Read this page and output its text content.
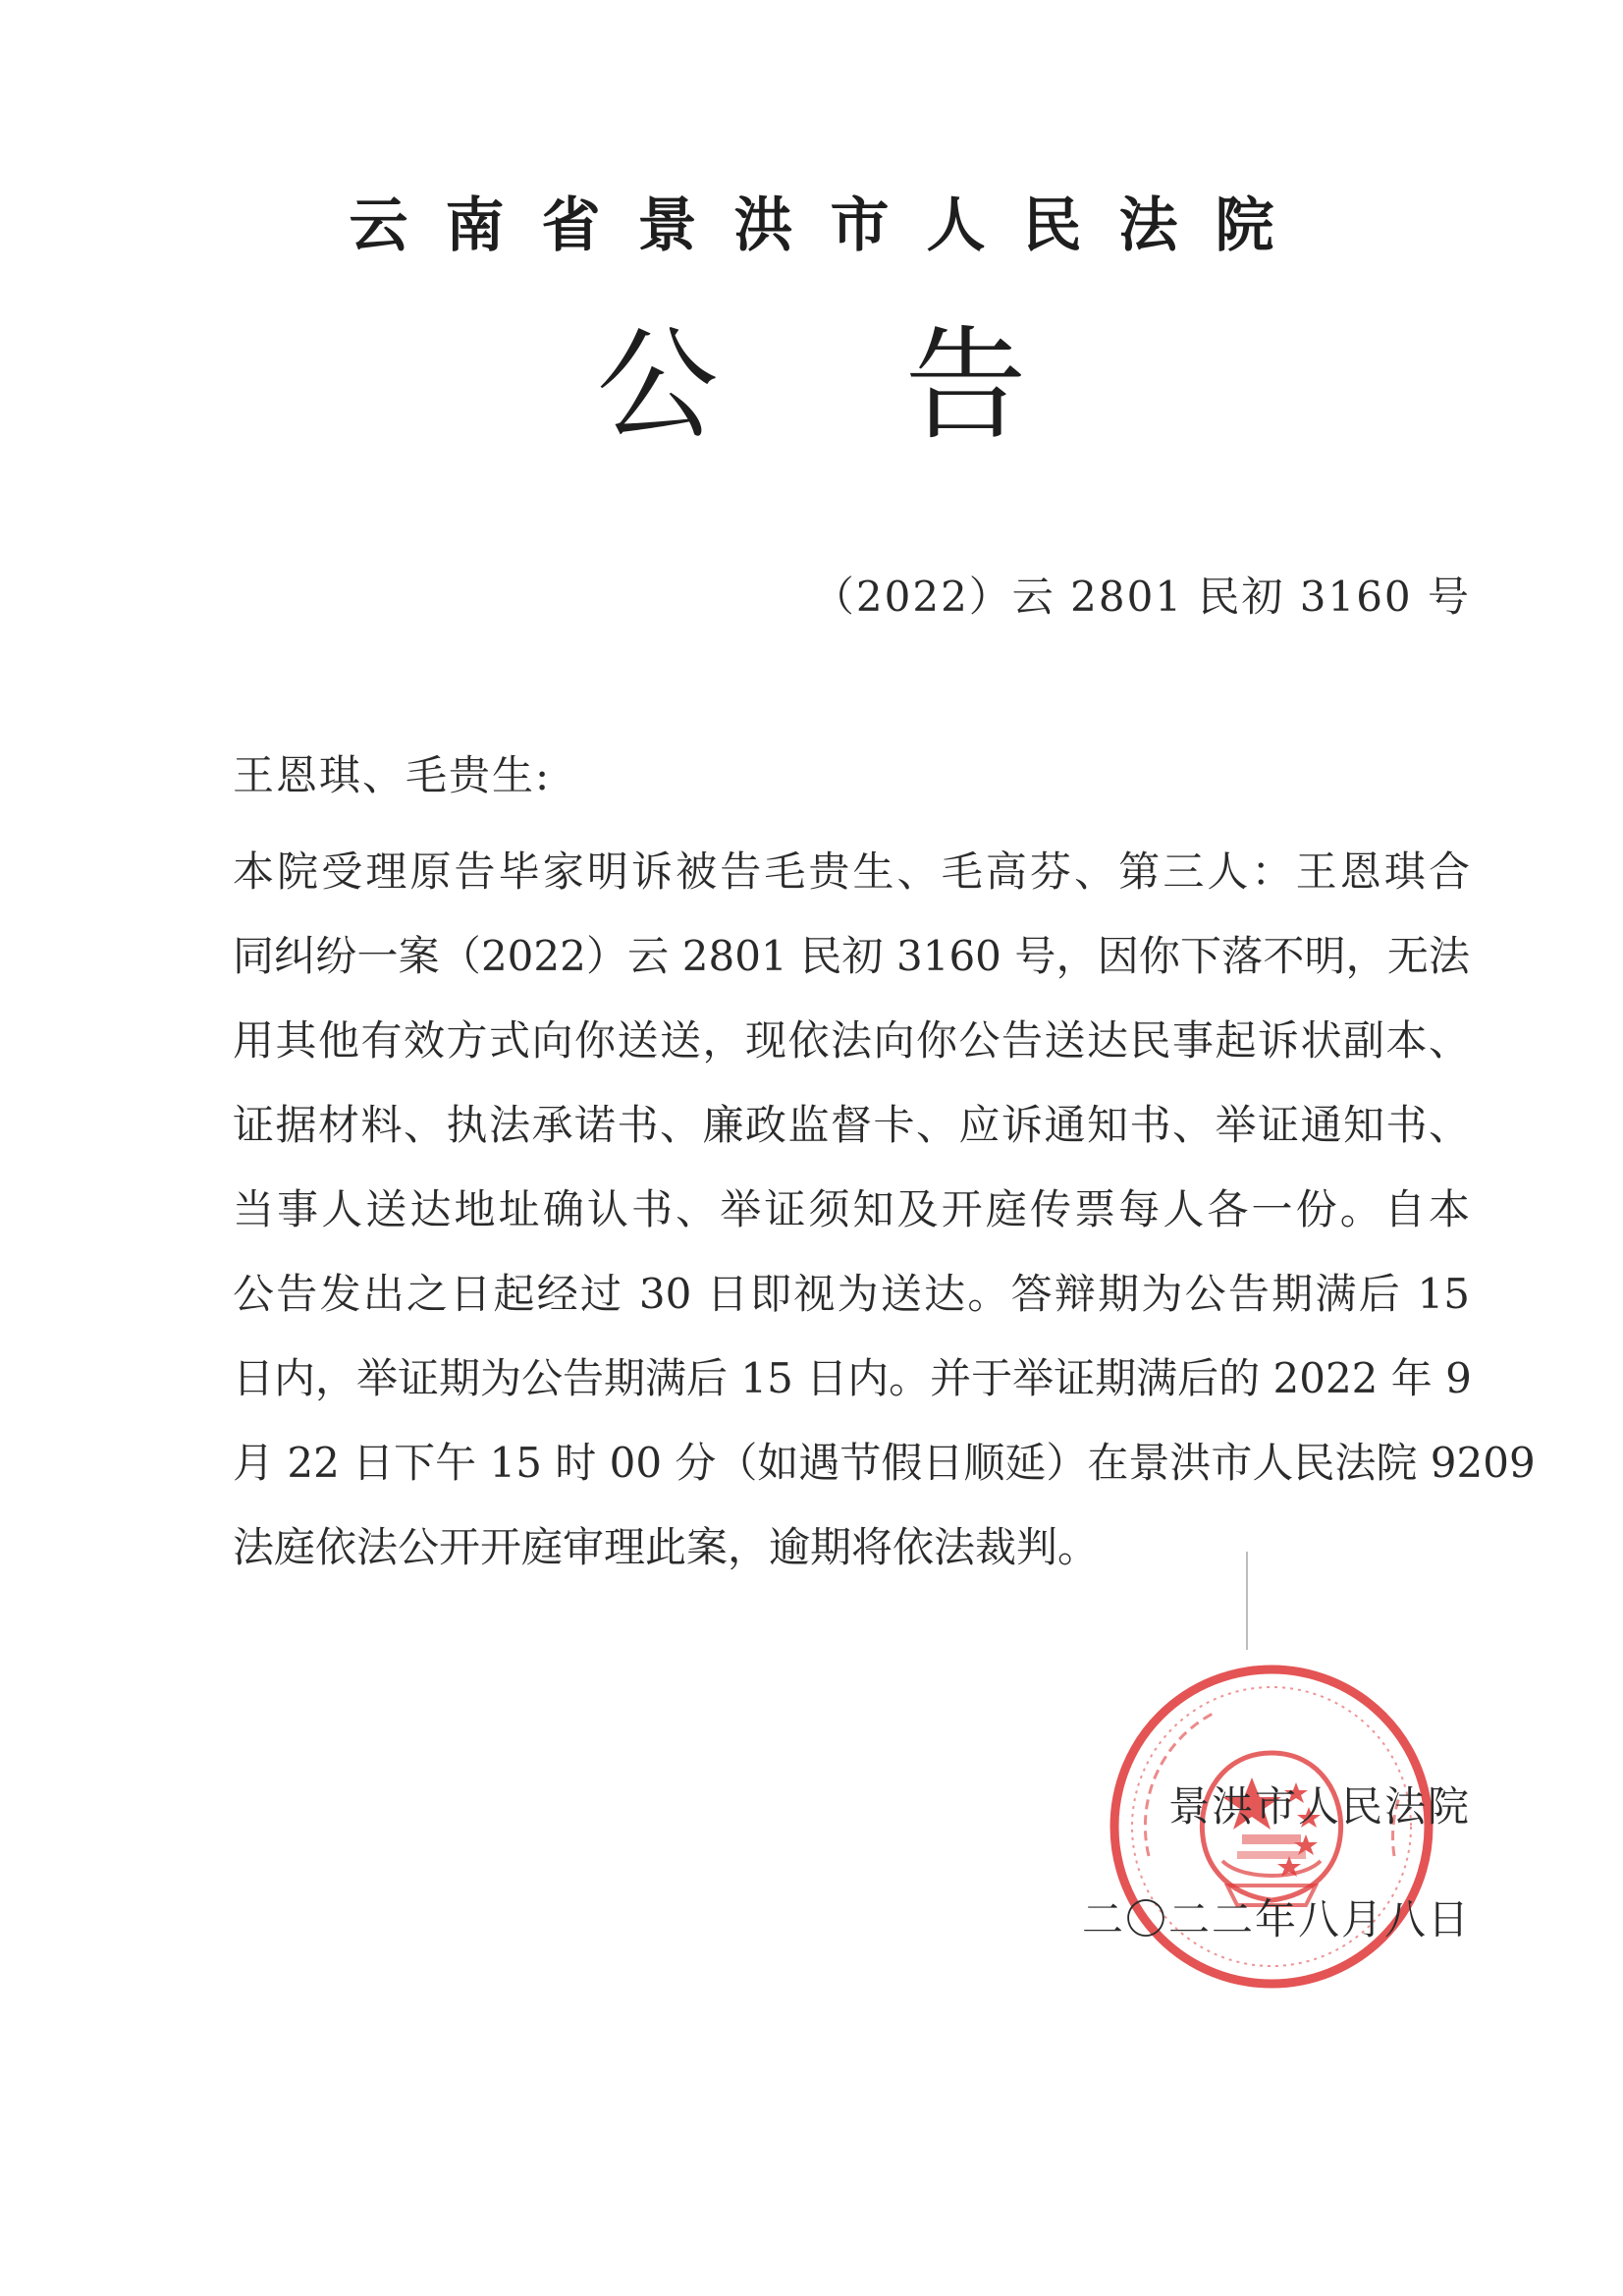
云南省景洪市人民法院
公告
（2022）云 2801 民初 3160 号
王恩琪、毛贵生:
本院受理原告毕家明诉被告毛贵生、毛高芬、第三人：王恩琪合
同纠纷一案（2022）云 2801 民初 3160 号，因你下落不明，无法
用其他有效方式向你送送，现依法向你公告送达民事起诉状副本、
证据材料、执法承诺书、廉政监督卡、应诉通知书、举证通知书、
当事人送达地址确认书、举证须知及开庭传票每人各一份。自本
公告发出之日起经过 30 日即视为送达。答辩期为公告期满后 15
日内，举证期为公告期满后 15 日内。并于举证期满后的 2022 年 9
月 22 日下午 15 时 00 分（如遇节假日顺延）在景洪市人民法院 9209
法庭依法公开开庭审理此案，逾期将依法裁判。
景洪市人民法院
二〇二二年八月八日
